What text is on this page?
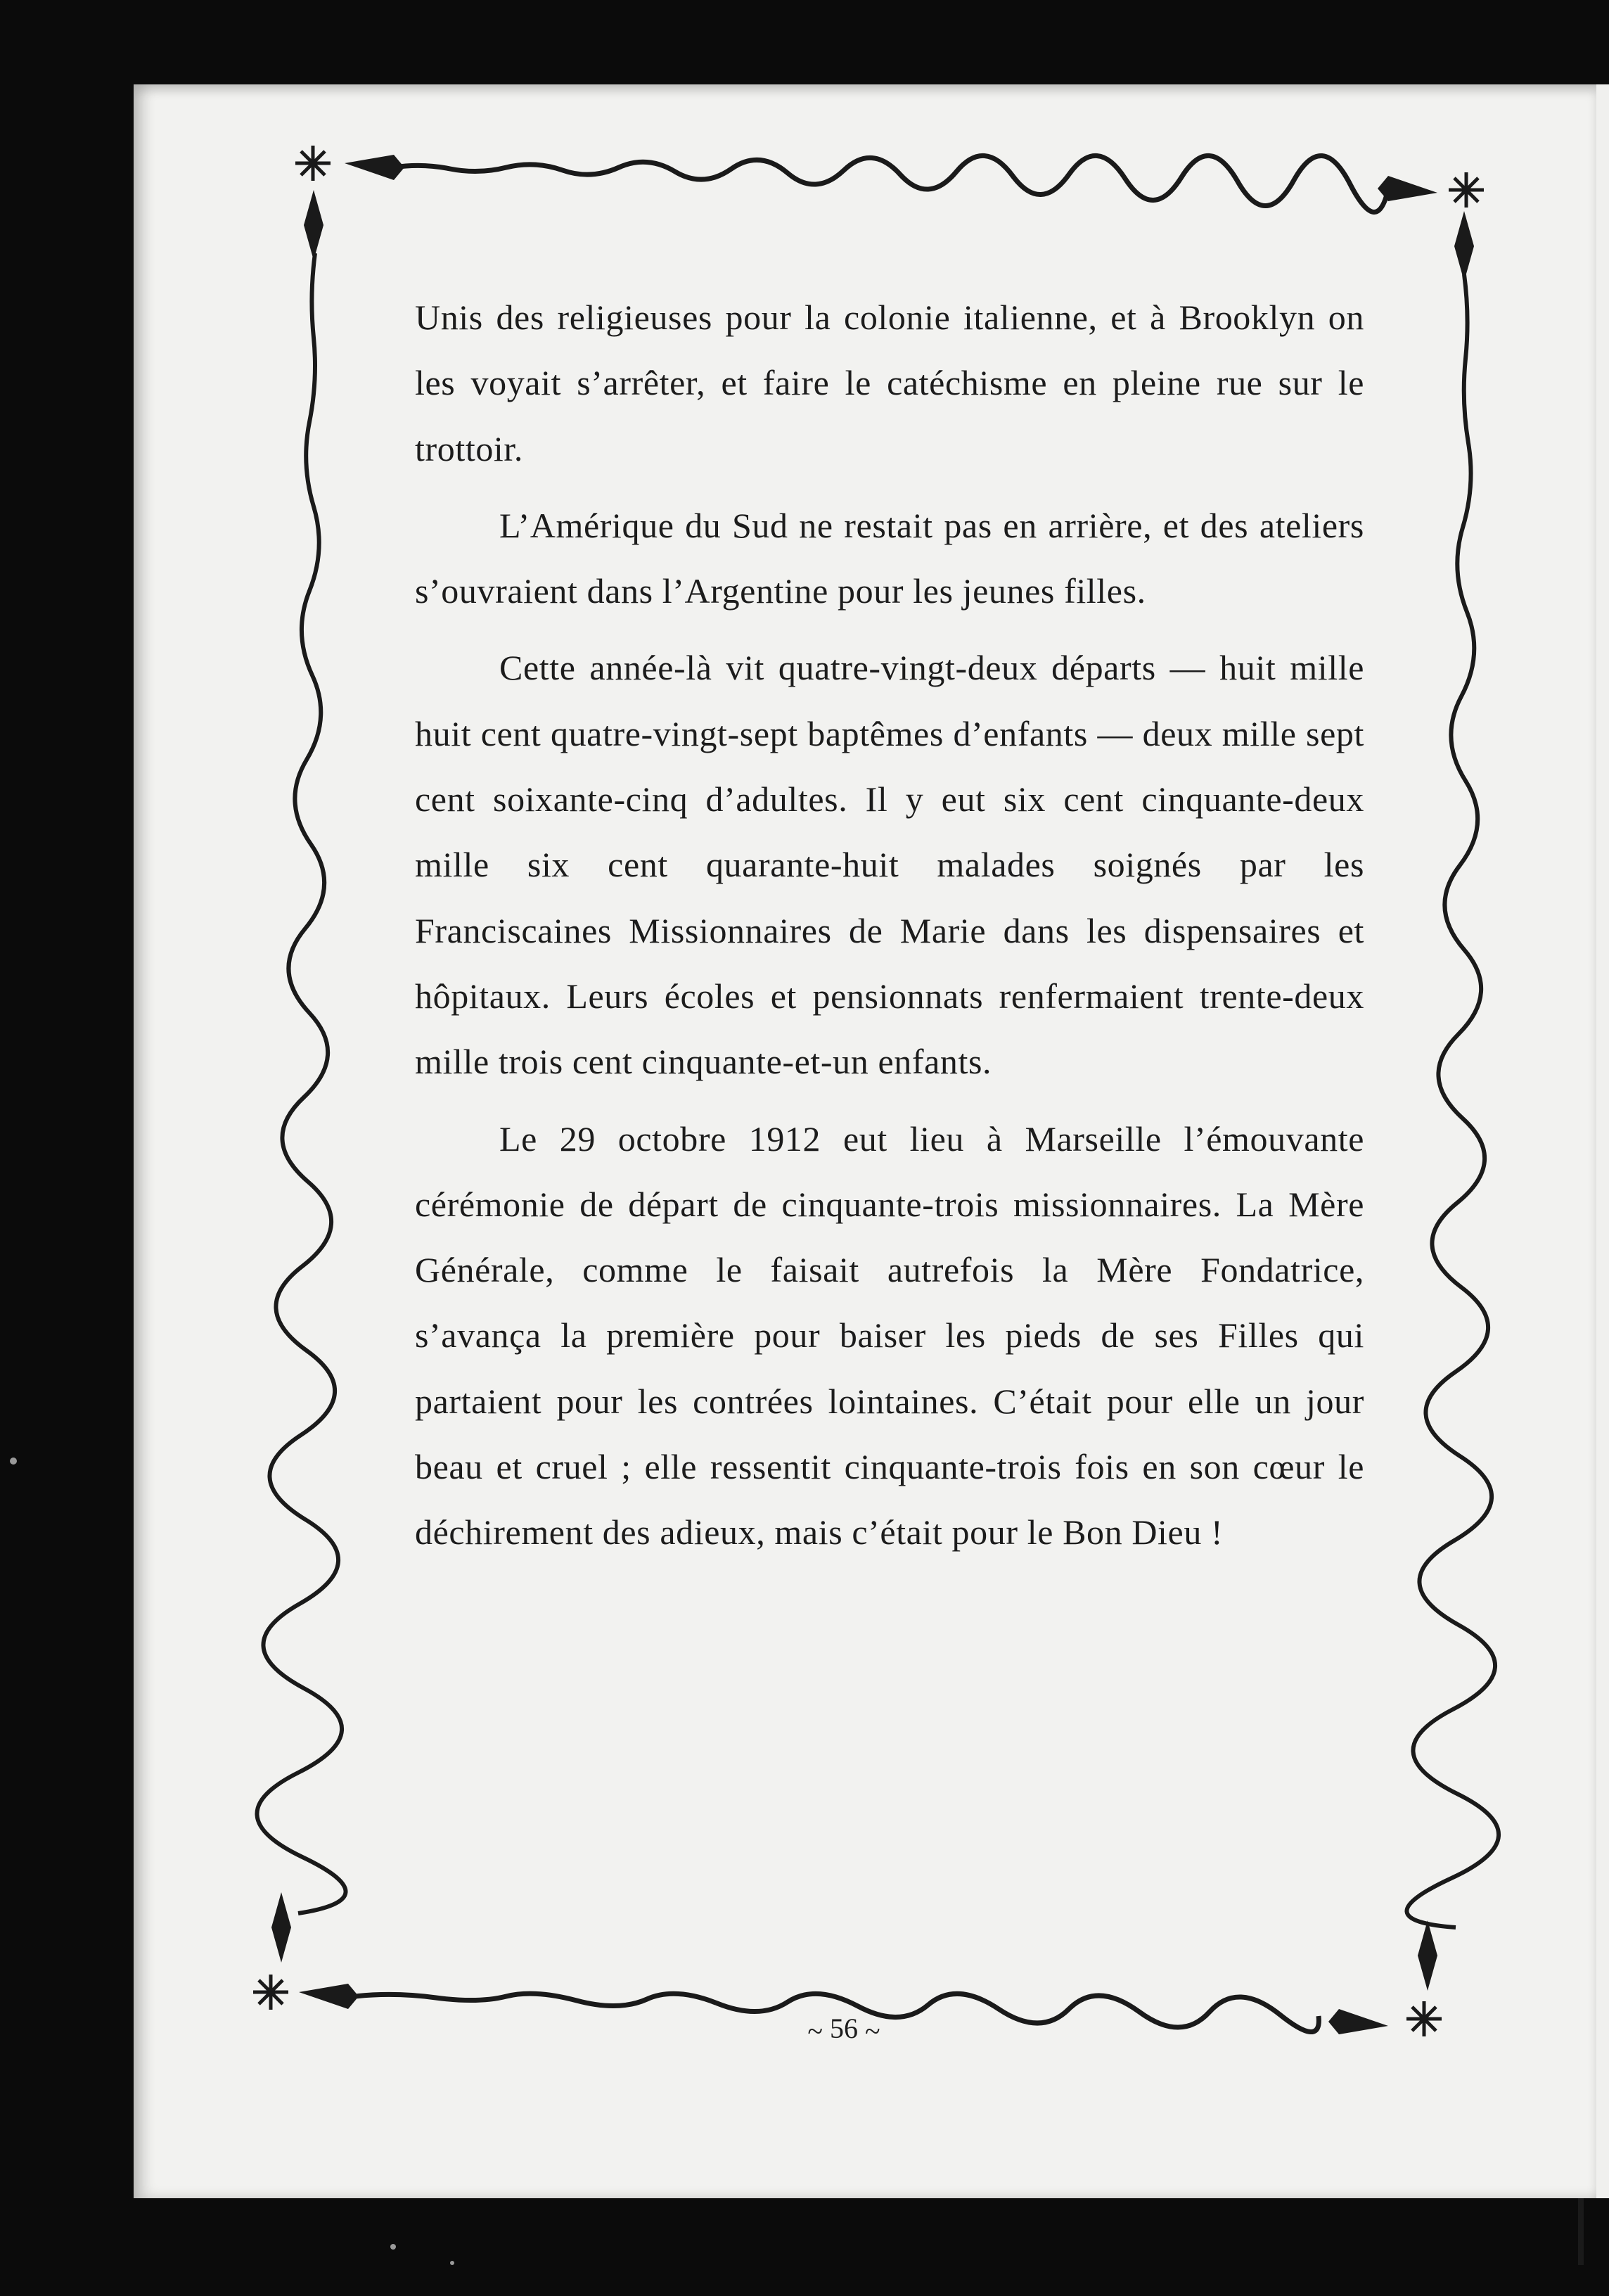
Unis des religieuses pour la colonie italienne, et à Brooklyn on les voyait s’arrêter, et faire le catéchisme en pleine rue sur le trottoir.

L’Amérique du Sud ne restait pas en arrière, et des ateliers s’ouvraient dans l’Argentine pour les jeunes filles.

Cette année-là vit quatre-vingt-deux départs — huit mille huit cent quatre-vingt-sept baptêmes d’enfants — deux mille sept cent soixante-cinq d’adultes. Il y eut six cent cinquante-deux mille six cent quarante-huit malades soignés par les Franciscaines Missionnaires de Marie dans les dispensaires et hôpitaux. Leurs écoles et pensionnats renfermaient trente-deux mille trois cent cinquante-et-un enfants.

Le 29 octobre 1912 eut lieu à Marseille l’émouvante cérémonie de départ de cinquante-trois missionnaires. La Mère Générale, comme le faisait autrefois la Mère Fondatrice, s’avança la première pour baiser les pieds de ses Filles qui partaient pour les contrées lointaines. C’était pour elle un jour beau et cruel ; elle ressentit cinquante-trois fois en son cœur le déchirement des adieux, mais c’était pour le Bon Dieu !

~ 56 ~
